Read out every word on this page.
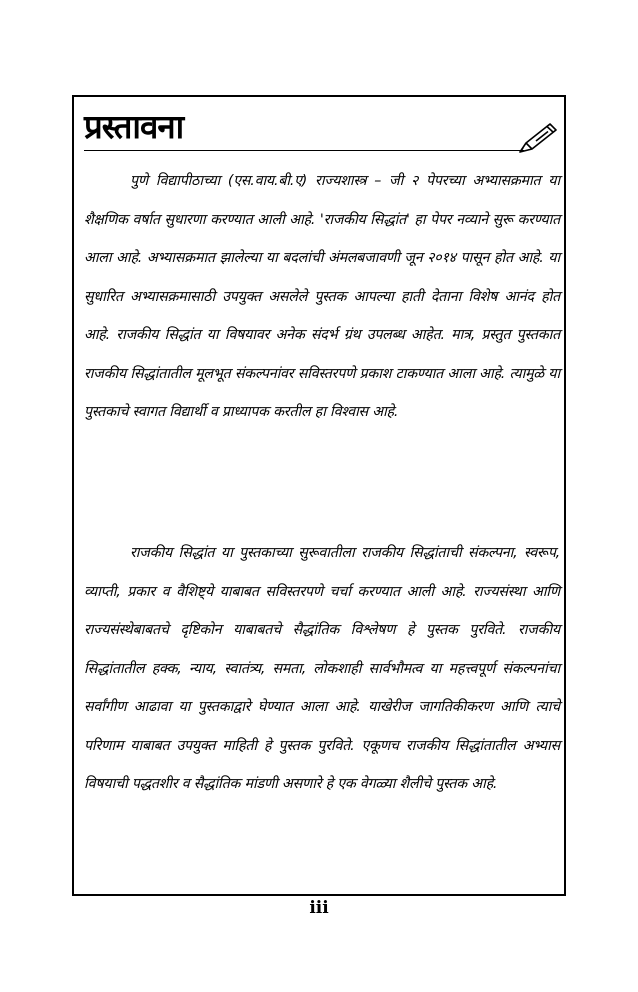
प्रस्तावना

पुणे विद्यापीठाच्या (एस.वाय.बी.ए) राज्यशास्त्र – जी २ पेपरच्या अभ्यासक्रमात या शैक्षणिक वर्षात सुधारणा करण्यात आली आहे. 'राजकीय सिद्धांत' हा पेपर नव्याने सुरू करण्यात आला आहे. अभ्यासक्रमात झालेल्या या बदलांची अंमलबजावणी जून २०१४ पासून होत आहे. या सुधारित अभ्यासक्रमासाठी उपयुक्त असलेले पुस्तक आपल्या हाती देताना विशेष आनंद होत आहे. राजकीय सिद्धांत या विषयावर अनेक संदर्भ ग्रंथ उपलब्ध आहेत. मात्र, प्रस्तुत पुस्तकात राजकीय सिद्धांतातील मूलभूत संकल्पनांवर सविस्तरपणे प्रकाश टाकण्यात आला आहे. त्यामुळे या पुस्तकाचे स्वागत विद्यार्थी व प्राध्यापक करतील हा विश्वास आहे.

राजकीय सिद्धांत या पुस्तकाच्या सुरूवातीला राजकीय सिद्धांताची संकल्पना, स्वरूप, व्याप्ती, प्रकार व वैशिष्ट्ये याबाबत सविस्तरपणे चर्चा करण्यात आली आहे. राज्यसंस्था आणि राज्यसंस्थेबाबतचे दृष्टिकोन याबाबतचे सैद्धांतिक विश्लेषण हे पुस्तक पुरविते. राजकीय सिद्धांतातील हक्क, न्याय, स्वातंत्र्य, समता, लोकशाही सार्वभौमत्व या महत्त्वपूर्ण संकल्पनांचा सर्वांगीण आढावा या पुस्तकाद्वारे घेण्यात आला आहे. याखेरीज जागतिकीकरण आणि त्याचे परिणाम याबाबत उपयुक्त माहिती हे पुस्तक पुरविते. एकूणच राजकीय सिद्धांतातील अभ्यास विषयाची पद्धतशीर व सैद्धांतिक मांडणी असणारे हे एक वेगळ्या शैलीचे पुस्तक आहे.

iii
